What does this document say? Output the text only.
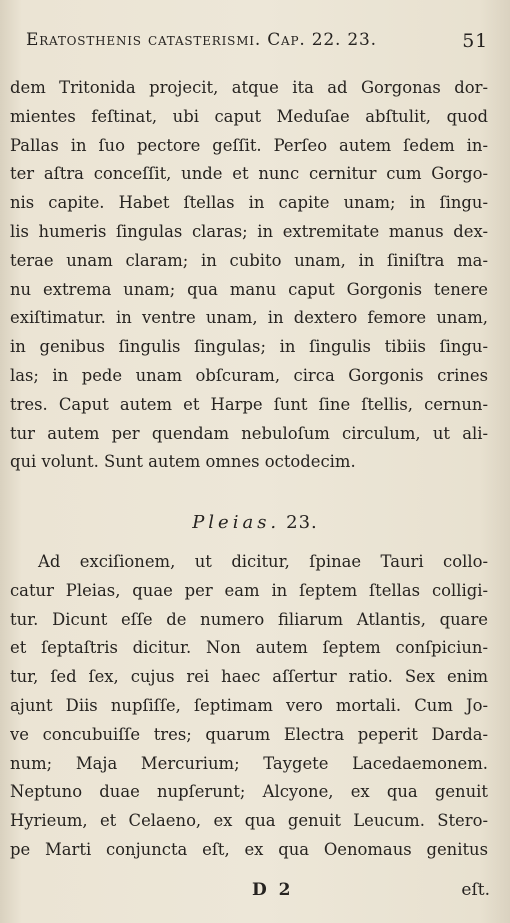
Eratosthenis catasterismi. Cap. 22. 23.	51
dem Tritonida projecit, atque ita ad Gorgonas dor-
mientes feſtinat, ubi caput Meduſae abſtulit, quod
Pallas in ſuo pectore geſſit. Perſeo autem ſedem in-
ter aſtra conceſſit, unde et nunc cernitur cum Gorgo-
nis capite. Habet ſtellas in capite unam; in ſingu-
lis humeris ſingulas claras; in extremitate manus dex-
terae unam claram; in cubito unam, in ſiniſtra ma-
nu extrema unam; qua manu caput Gorgonis tenere
exiſtimatur. in ventre unam, in dextero femore unam,
in genibus ſingulis ſingulas; in ſingulis tibiis ſingu-
las; in pede unam obſcuram, circa Gorgonis crines
tres. Caput autem et Harpe ſunt ſine ſtellis, cernun-
tur autem per quendam nebuloſum circulum, ut ali-
qui volunt. Sunt autem omnes octodecim.
Pleias. 23.
Ad exciſionem, ut dicitur, ſpinae Tauri collo-
catur Pleias, quae per eam in ſeptem ſtellas colligi-
tur. Dicunt eſſe de numero filiarum Atlantis, quare
et ſeptaſtris dicitur. Non autem ſeptem conſpiciun-
tur, ſed ſex, cujus rei haec aſſertur ratio. Sex enim
ajunt Diis nupſiſſe, ſeptimam vero mortali. Cum Jo-
ve concubuiſſe tres; quarum Electra peperit Darda-
num; Maja Mercurium; Taygete Lacedaemonem.
Neptuno duae nupſerunt; Alcyone, ex qua genuit
Hyrieum, et Celaeno, ex qua genuit Leucum. Stero-
pe Marti conjuncta eſt, ex qua Oenomaus genitus
D 2	eſt.
